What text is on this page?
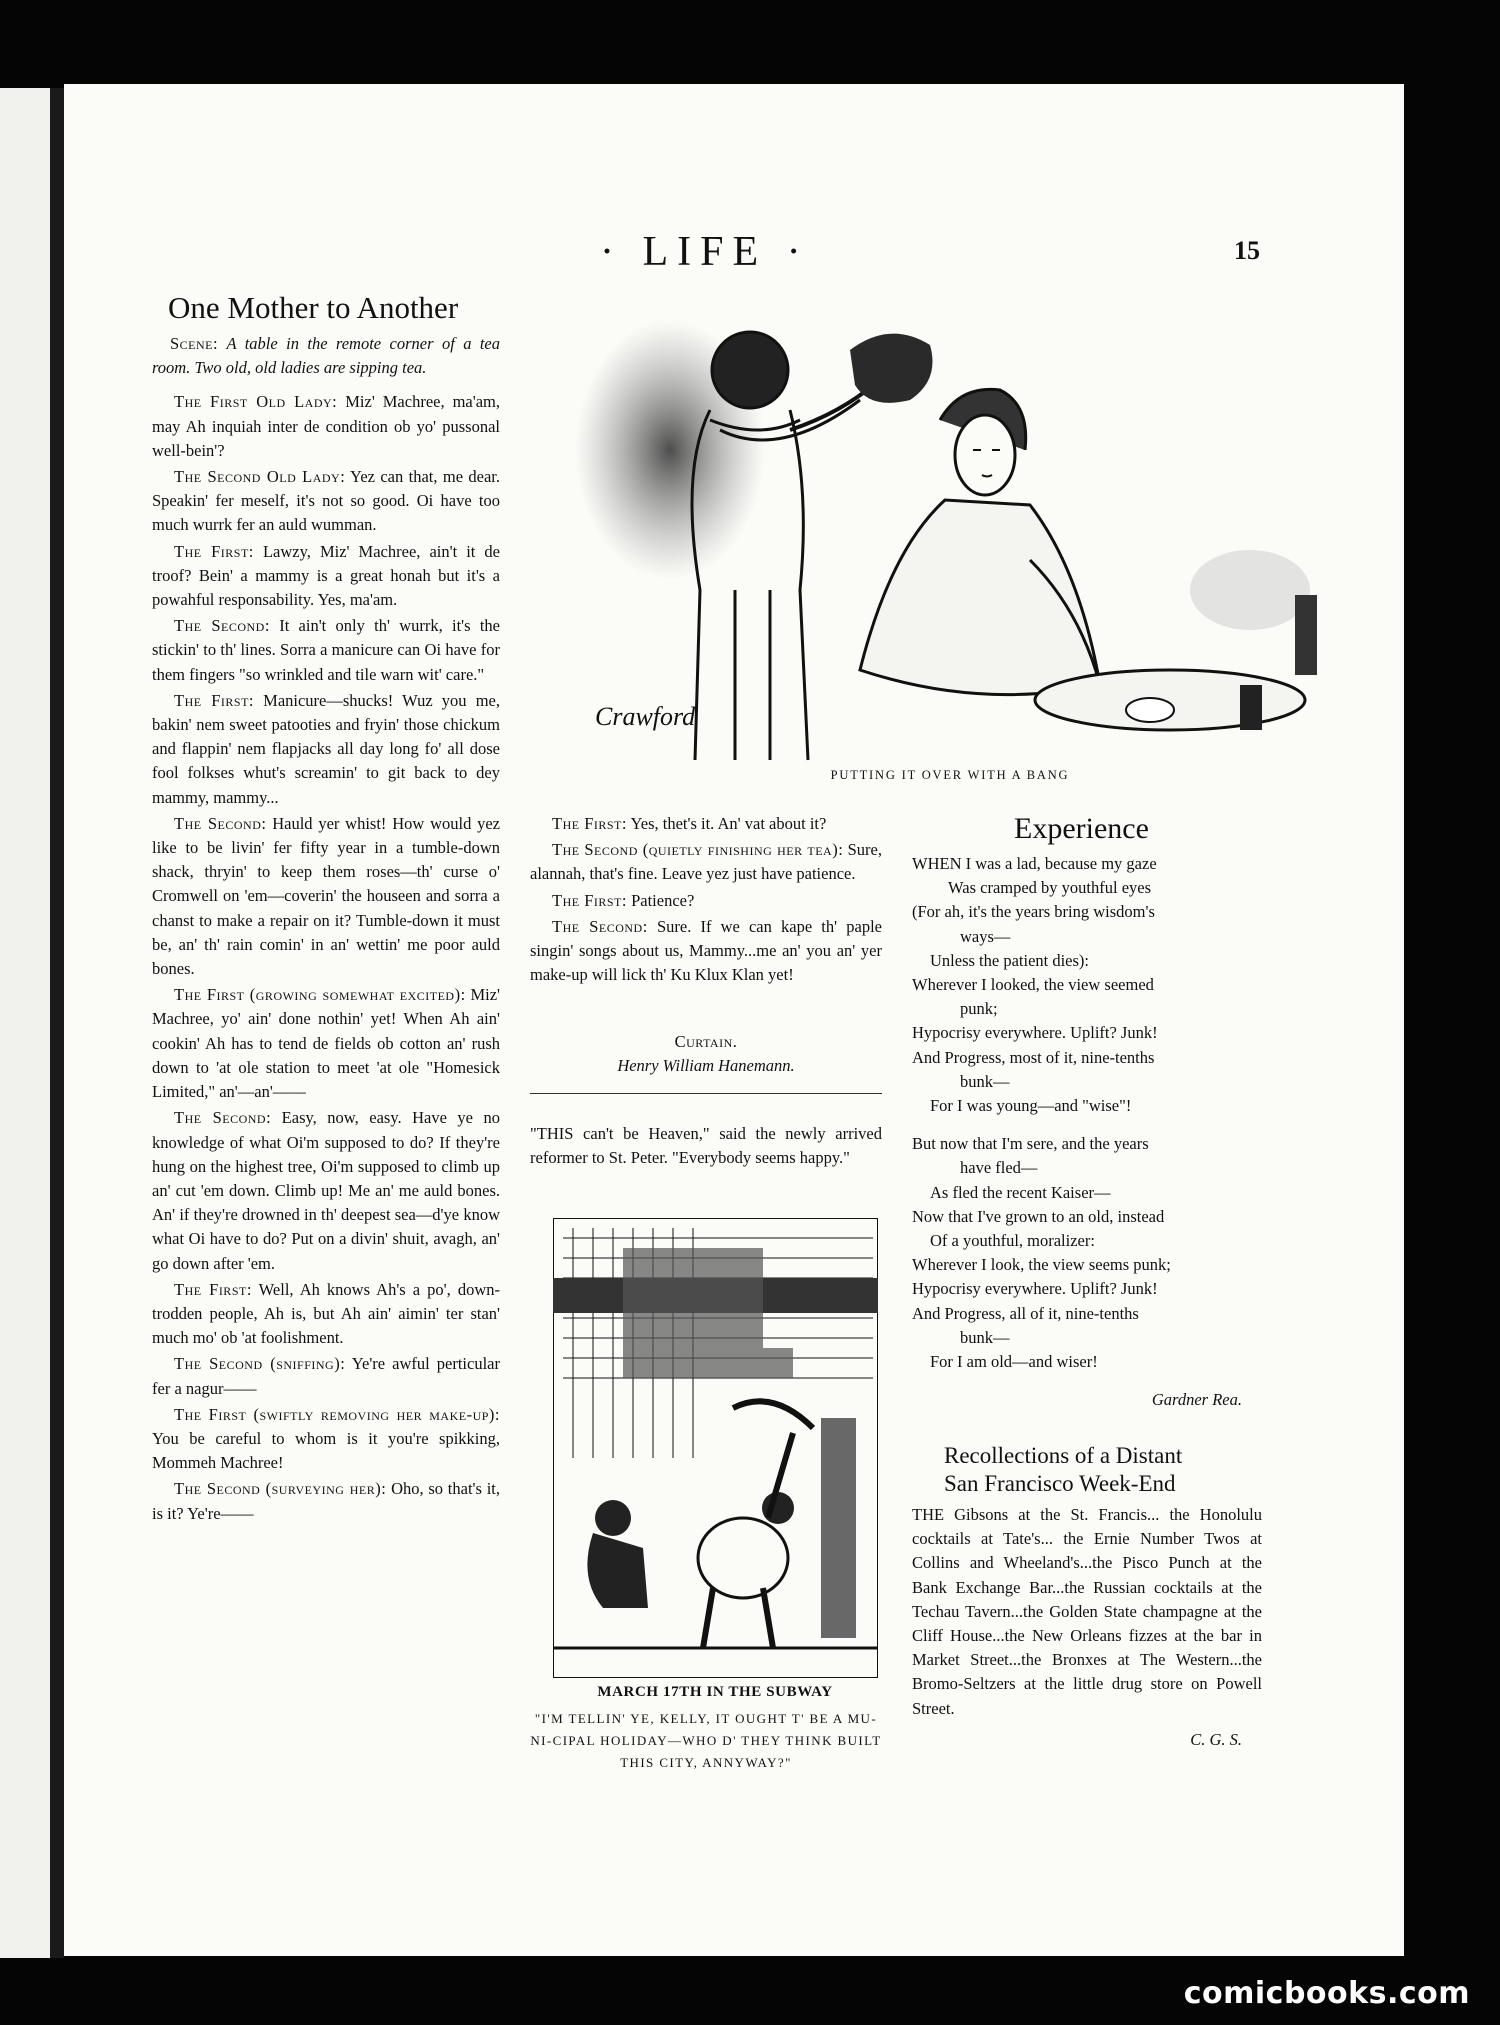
· LIFE ·	15
One Mother to Another

Scene: A table in the remote corner of a tea room. Two old, old ladies are sipping tea.

The First Old Lady: Miz' Machree, ma'am, may Ah inquiah inter de condition ob yo' pussonal well-bein'?

The Second Old Lady: Yez can that, me dear. Speakin' fer meself, it's not so good. Oi have too much wurrk fer an auld wumman.

The First: Lawzy, Miz' Machree, ain't it de troof? Bein' a mammy is a great honah but it's a powahful responsability. Yes, ma'am.

The Second: It ain't only th' wurrk, it's the stickin' to th' lines. Sorra a manicure can Oi have for them fingers "so wrinkled and tile warn wit' care."

The First: Manicure—shucks! Wuz you me, bakin' nem sweet patooties and fryin' those chickum and flappin' nem flapjacks all day long fo' all dose fool folkses whut's screamin' to git back to dey mammy, mammy...

The Second: Hauld yer whist! How would yez like to be livin' fer fifty year in a tumble-down shack, thryin' to keep them roses—th' curse o' Cromwell on 'em—coverin' the houseen and sorra a chanst to make a repair on it? Tumble-down it must be, an' th' rain comin' in an' wettin' me poor auld bones.

The First (growing somewhat excited): Miz' Machree, yo' ain' done nothin' yet! When Ah ain' cookin' Ah has to tend de fields ob cotton an' rush down to 'at ole station to meet 'at ole "Homesick Limited," an'—an'——

The Second: Easy, now, easy. Have ye no knowledge of what Oi'm supposed to do? If they're hung on the highest tree, Oi'm supposed to climb up an' cut 'em down. Climb up! Me an' me auld bones. An' if they're drowned in th' deepest sea—d'ye know what Oi have to do? Put on a divin' shuit, avagh, an' go down after 'em.

The First: Well, Ah knows Ah's a po', down-trodden people, Ah is, but Ah ain' aimin' ter stan' much mo' ob 'at foolishment.

The Second (sniffing): Ye're awful perticular fer a nagur——

The First (swiftly removing her make-up): You be careful to whom is it you're spikking, Mommeh Machree!

The Second (surveying her): Oho, so that's it, is it? Ye're——

Crawford
PUTTING IT OVER WITH A BANG

The First: Yes, thet's it. An' vat about it?

The Second (quietly finishing her tea): Sure, alannah, that's fine. Leave yez just have patience.

The First: Patience?

The Second: Sure. If we can kape th' paple singin' songs about us, Mammy...me an' you an' yer make-up will lick th' Ku Klux Klan yet!

Curtain.
Henry William Hanemann.

"THIS can't be Heaven," said the newly arrived reformer to St. Peter. "Everybody seems happy."

MARCH 17TH IN THE SUBWAY
"I'M TELLIN' YE, KELLY, IT OUGHT T' BE A MU-NI-CIPAL HOLIDAY—WHO D' THEY THINK BUILT THIS CITY, ANNYWAY?"
Experience
WHEN I was a lad, because my gaze
Was cramped by youthful eyes
(For ah, it's the years bring wisdom's
ways—
Unless the patient dies):
Wherever I looked, the view seemed
punk;
Hypocrisy everywhere. Uplift? Junk!
And Progress, most of it, nine-tenths
bunk—
For I was young—and "wise"!
But now that I'm sere, and the years
have fled—
As fled the recent Kaiser—
Now that I've grown to an old, instead
Of a youthful, moralizer:
Wherever I look, the view seems punk;
Hypocrisy everywhere. Uplift? Junk!
And Progress, all of it, nine-tenths
bunk—
For I am old—and wiser!
Gardner Rea.
Recollections of a Distant
San Francisco Week-End

THE Gibsons at the St. Francis... the Honolulu cocktails at Tate's... the Ernie Number Twos at Collins and Wheeland's...the Pisco Punch at the Bank Exchange Bar...the Russian cocktails at the Techau Tavern...the Golden State champagne at the Cliff House...the New Orleans fizzes at the bar in Market Street...the Bronxes at The Western...the Bromo-Seltzers at the little drug store on Powell Street.

C. G. S.
comicbooks.com
